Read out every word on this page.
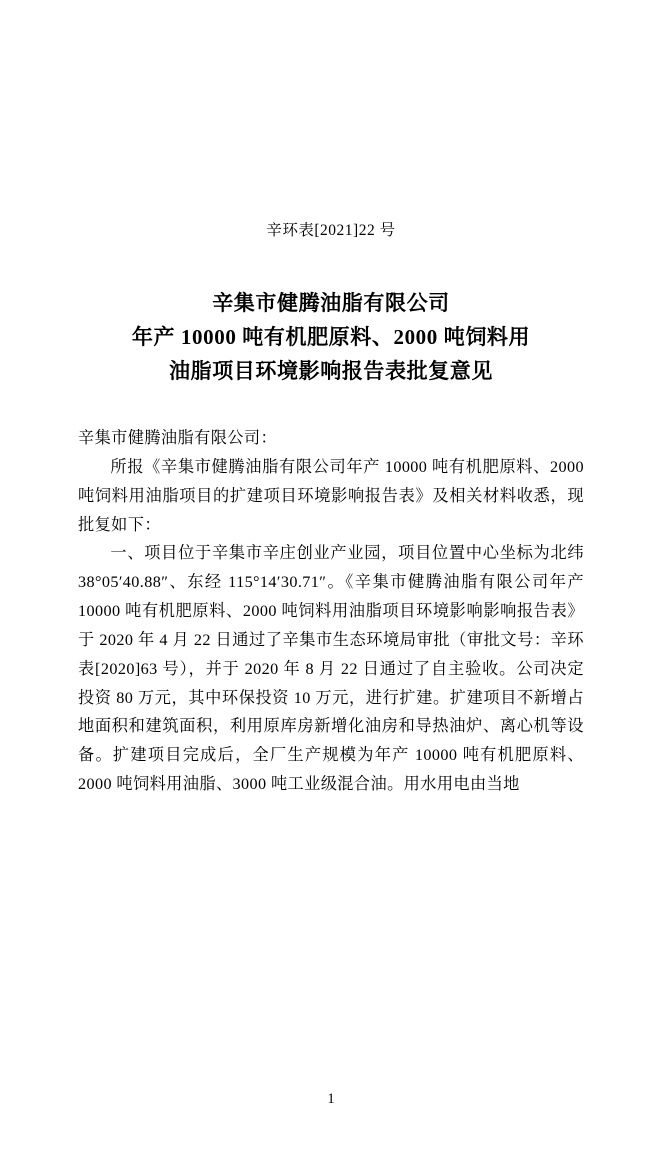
辛环表[2021]22 号
辛集市健腾油脂有限公司
年产 10000 吨有机肥原料、2000 吨饲料用
油脂项目环境影响报告表批复意见

辛集市健腾油脂有限公司：

所报《辛集市健腾油脂有限公司年产 10000 吨有机肥原料、2000 吨饲料用油脂项目的扩建项目环境影响报告表》及相关材料收悉，现批复如下：

一、项目位于辛集市辛庄创业产业园，项目位置中心坐标为北纬 38°05′40.88″、东经 115°14′30.71″。《辛集市健腾油脂有限公司年产 10000 吨有机肥原料、2000 吨饲料用油脂项目环境影响影响报告表》于 2020 年 4 月 22 日通过了辛集市生态环境局审批（审批文号：辛环表[2020]63 号），并于 2020 年 8 月 22 日通过了自主验收。公司决定投资 80 万元，其中环保投资 10 万元，进行扩建。扩建项目不新增占地面积和建筑面积，利用原库房新增化油房和导热油炉、离心机等设备。扩建项目完成后，全厂生产规模为年产 10000 吨有机肥原料、2000 吨饲料用油脂、3000 吨工业级混合油。用水用电由当地

1
